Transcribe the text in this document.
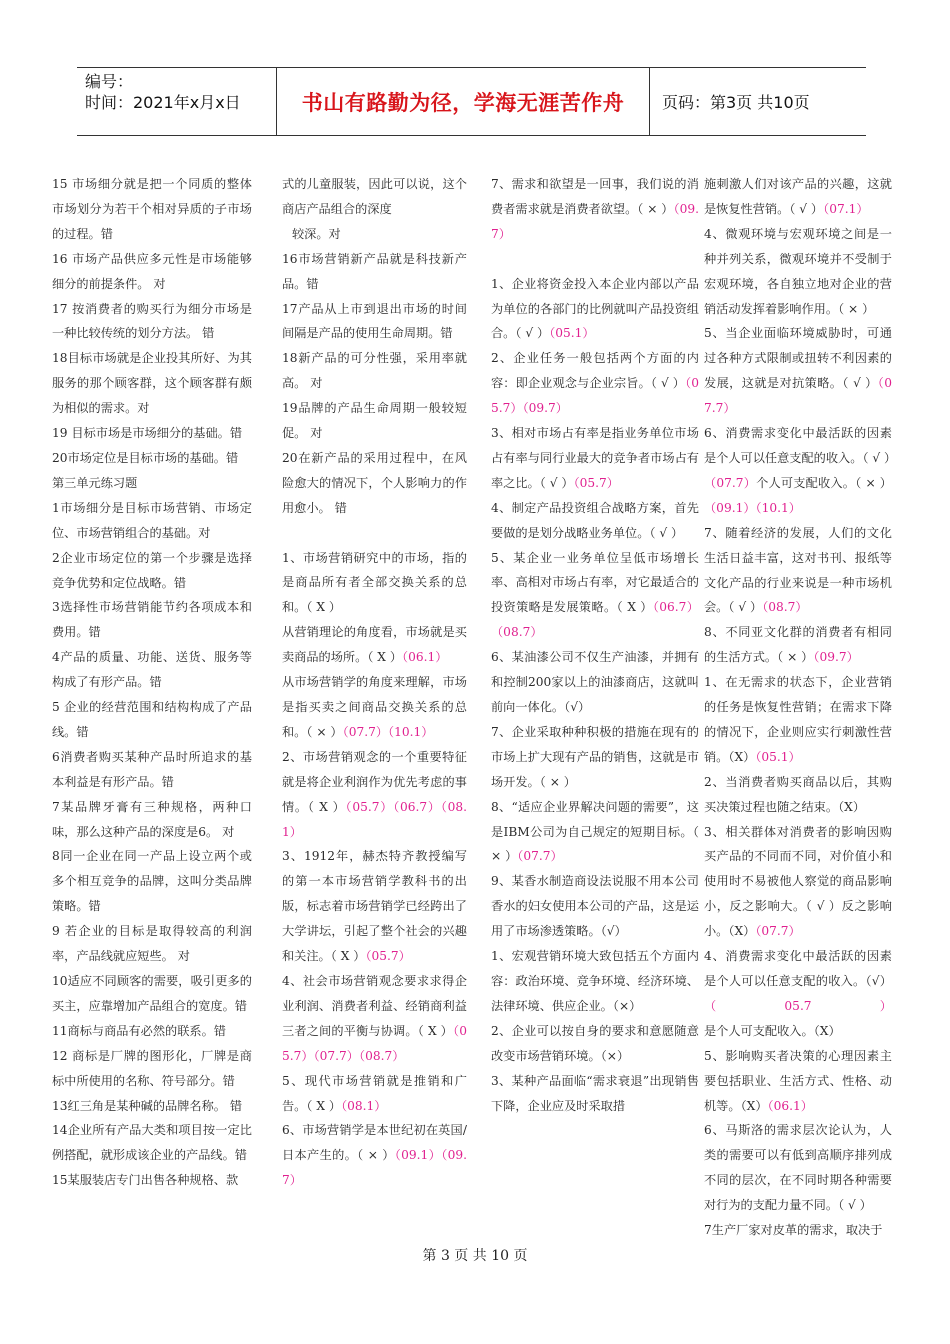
编号：
时间：2021年x月x日	书山有路勤为径，学海无涯苦作舟	页码：第3页 共10页

15 市场细分就是把一个同质的整体市场划分为若干个相对异质的子市场的过程。错

16 市场产品供应多元性是市场能够细分的前提条件。 对

17 按消费者的购买行为细分市场是一种比较传统的划分方法。 错

18目标市场就是企业投其所好、为其服务的那个顾客群，这个顾客群有颇为相似的需求。对

19 目标市场是市场细分的基础。错

20市场定位是目标市场的基础。错

第三单元练习题

1市场细分是目标市场营销、市场定位、市场营销组合的基础。对

2企业市场定位的第一个步骤是选择竞争优势和定位战略。错

3选择性市场营销能节约各项成本和费用。错

4产品的质量、功能、送货、服务等构成了有形产品。错

5 企业的经营范围和结构构成了产品线。错

6消费者购买某种产品时所追求的基本利益是有形产品。错

7某品牌牙膏有三种规格，两种口味，那么这种产品的深度是6。 对

8同一企业在同一产品上设立两个或多个相互竞争的品牌，这叫分类品牌策略。错

9 若企业的目标是取得较高的利润率，产品线就应短些。 对

10适应不同顾客的需要，吸引更多的买主，应靠增加产品组合的宽度。错

11商标与商品有必然的联系。错

12 商标是厂牌的图形化，厂牌是商标中所使用的名称、符号部分。错

13红三角是某种碱的品牌名称。 错

14企业所有产品大类和项目按一定比例搭配，就形成该企业的产品线。错

15某服装店专门出售各种规格、款

式的儿童服装，因此可以说，这个商店产品组合的深度

较深。对

16市场营销新产品就是科技新产品。错

17产品从上市到退出市场的时间间隔是产品的使用生命周期。错

18新产品的可分性强，采用率就高。 对

19品牌的产品生命周期一般较短促。 对

20在新产品的采用过程中，在风险愈大的情况下，个人影响力的作用愈小。 错

1、市场营销研究中的市场，指的是商品所有者全部交换关系的总和。（ X ）

从营销理论的角度看，市场就是买卖商品的场所。（ X ）（06.1）

从市场营销学的角度来理解，市场是指买卖之间商品交换关系的总和。（ × ）（07.7）（10.1）

2、市场营销观念的一个重要特征就是将企业利润作为优先考虑的事情。（ X ）（05.7）（06.7）（08.1）

3、1912年，赫杰特齐教授编写的第一本市场营销学教科书的出版，标志着市场营销学已经跨出了大学讲坛，引起了整个社会的兴趣和关注。（ X ）（05.7）

4、社会市场营销观念要求求得企业利润、消费者利益、经销商利益三者之间的平衡与协调。（ X ）（05.7）（07.7）（08.7）

5、现代市场营销就是推销和广告。（ X ）（08.1）

6、市场营销学是本世纪初在英国/日本产生的。（ × ）（09.1）（09.7）

7、需求和欲望是一回事，我们说的消费者需求就是消费者欲望。（ × ）（09.7）

1、企业将资金投入本企业内部以产品为单位的各部门的比例就叫产品投资组合。（ √ ）（05.1）

2、企业任务一般包括两个方面的内容：即企业观念与企业宗旨。（ √ ）（05.7）（09.7）

3、相对市场占有率是指业务单位市场占有率与同行业最大的竞争者市场占有率之比。（ √ ）（05.7）

4、制定产品投资组合战略方案，首先要做的是划分战略业务单位。（ √ ）

5、某企业一业务单位呈低市场增长率、高相对市场占有率，对它最适合的投资策略是发展策略。（ X ）（06.7）（08.7）

6、某油漆公司不仅生产油漆，并拥有和控制200家以上的油漆商店，这就叫前向一体化。（√）

7、企业采取种种积极的措施在现有的市场上扩大现有产品的销售，这就是市场开发。（ × ）

8、“适应企业界解决问题的需要”，这是IBM公司为自己规定的短期目标。（ × ）（07.7）

9、某香水制造商设法说服不用本公司香水的妇女使用本公司的产品，这是运用了市场渗透策略。（√）

1、宏观营销环境大致包括五个方面内容：政治环境、竞争环境、经济环境、法律环境、供应企业。（×）

2、企业可以按自身的要求和意愿随意改变市场营销环境。（×）

3、某种产品面临“需求衰退”出现销售下降，企业应及时采取措

施刺激人们对该产品的兴趣，这就是恢复性营销。（ √ ）（07.1）

4、微观环境与宏观环境之间是一种并列关系，微观环境并不受制于宏观环境，各自独立地对企业的营销活动发挥着影响作用。（ × ）

5、当企业面临环境威胁时，可通过各种方式限制或扭转不利因素的发展，这就是对抗策略。（ √ ）（07.7）

6、消费需求变化中最活跃的因素是个人可以任意支配的收入。（ √ ）（07.7）个人可支配收入。（ × ）（09.1）（10.1）

7、随着经济的发展，人们的文化生活日益丰富，这对书刊、报纸等文化产品的行业来说是一种市场机会。（ √ ）（08.7）

8、不同亚文化群的消费者有相同的生活方式。（ × ）（09.7）

1、在无需求的状态下，企业营销的任务是恢复性营销；在需求下降的情况下，企业则应实行刺激性营销。（X）（05.1）

2、当消费者购买商品以后，其购买决策过程也随之结束。（X）

3、相关群体对消费者的影响因购买产品的不同而不同，对价值小和使用时不易被他人察觉的商品影响小，反之影响大。（ √ ）反之影响小。（X）（07.7）

4、消费需求变化中最活跃的因素是个人可以任意支配的收入。（√）（05.7）是个人可支配收入。（X）

5、影响购买者决策的心理因素主要包括职业、生活方式、性格、动机等。（X）（06.1）

6、马斯洛的需求层次论认为，人类的需要可以有低到高顺序排列成不同的层次，在不同时期各种需要对行为的支配力量不同。（ √ ）

7生产厂家对皮革的需求，取决于

第 3 页 共 10 页
